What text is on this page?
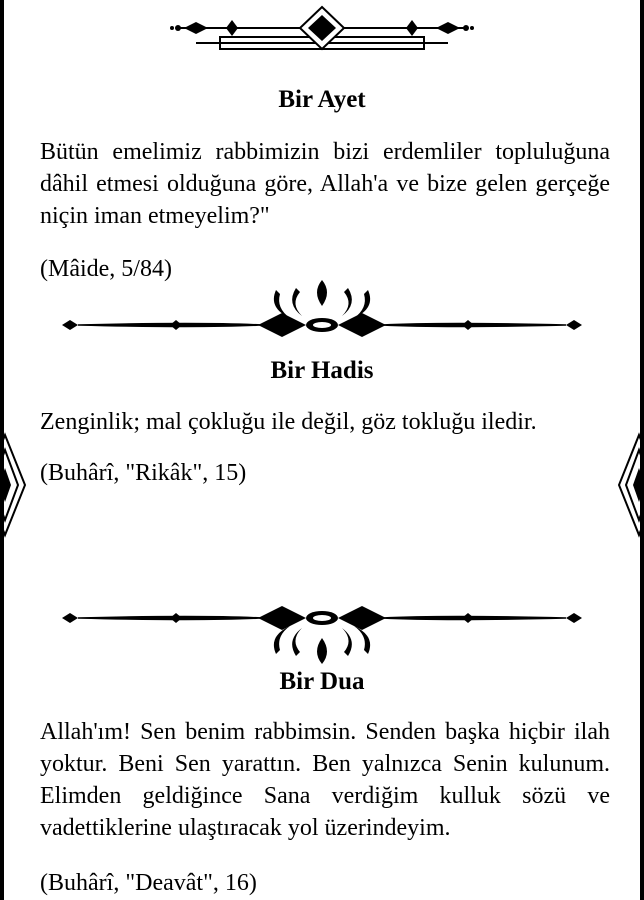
Bir Ayet

Bütün emelimiz rabbimizin bizi erdemliler topluluğuna dâhil etmesi olduğuna göre, Allah'a ve bize gelen gerçeğe niçin iman etmeyelim?"

(Mâide, 5/84)

Bir Hadis

Zenginlik; mal çokluğu ile değil, göz tokluğu iledir.

(Buhârî, "Rikâk", 15)

Bir Dua

Allah'ım! Sen benim rabbimsin. Senden başka hiçbir ilah yoktur. Beni Sen yarattın. Ben yalnızca Senin kulunum. Elimden geldiğince Sana verdiğim kulluk sözü ve vadettiklerine ulaştıracak yol üzerindeyim.

(Buhârî, "Deavât", 16)
